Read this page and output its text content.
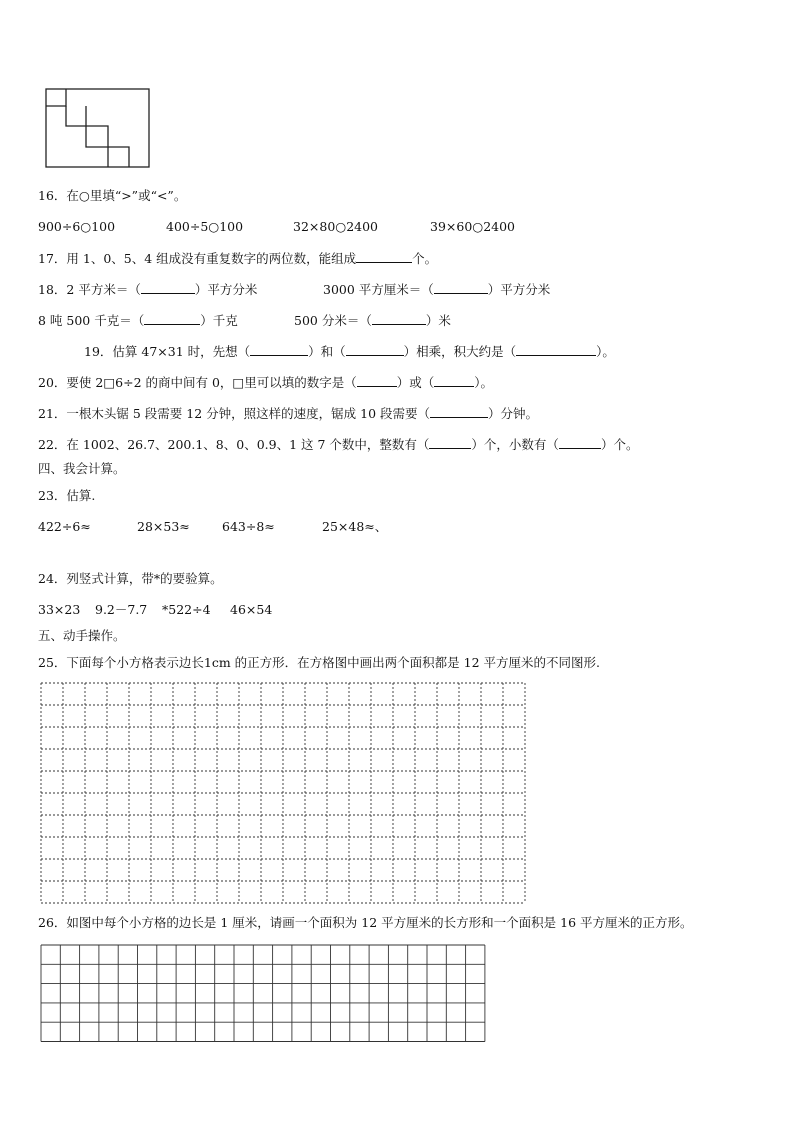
16．在○里填“>”或“<”。
900÷6○100	400÷5○100	32×80○2400	39×60○2400
17．用 1、0、5、4 组成没有重复数字的两位数，能组成	个。
18．2 平方米＝（	）平方分米	3000 平方厘米＝（	）平方分米
8 吨 500 千克＝（	）千克	500 分米＝（	）米
19．估算 47×31 时，先想（	）和（	）相乘，积大约是（	）。
20．要使 2□6÷2 的商中间有 0，□里可以填的数字是（	）或（	）。
21．一根木头锯 5 段需要 12 分钟，照这样的速度，锯成 10 段需要（	）分钟。
22．在 1002、26.7、200.1、8、0、0.9、1 这 7 个数中，整数有（	）个，小数有（	）个。
四、我会计算。
23．估算.
422÷6≈	28×53≈	643÷8≈	25×48≈、
24．列竖式计算，带*的要验算。
33×23 9.2－7.7 *522÷4 46×54
五、动手操作。
25．下面每个小方格表示边长1cm 的正方形．在方格图中画出两个面积都是 12 平方厘米的不同图形.
26．如图中每个小方格的边长是 1 厘米，请画一个面积为 12 平方厘米的长方形和一个面积是 16 平方厘米的正方形。
